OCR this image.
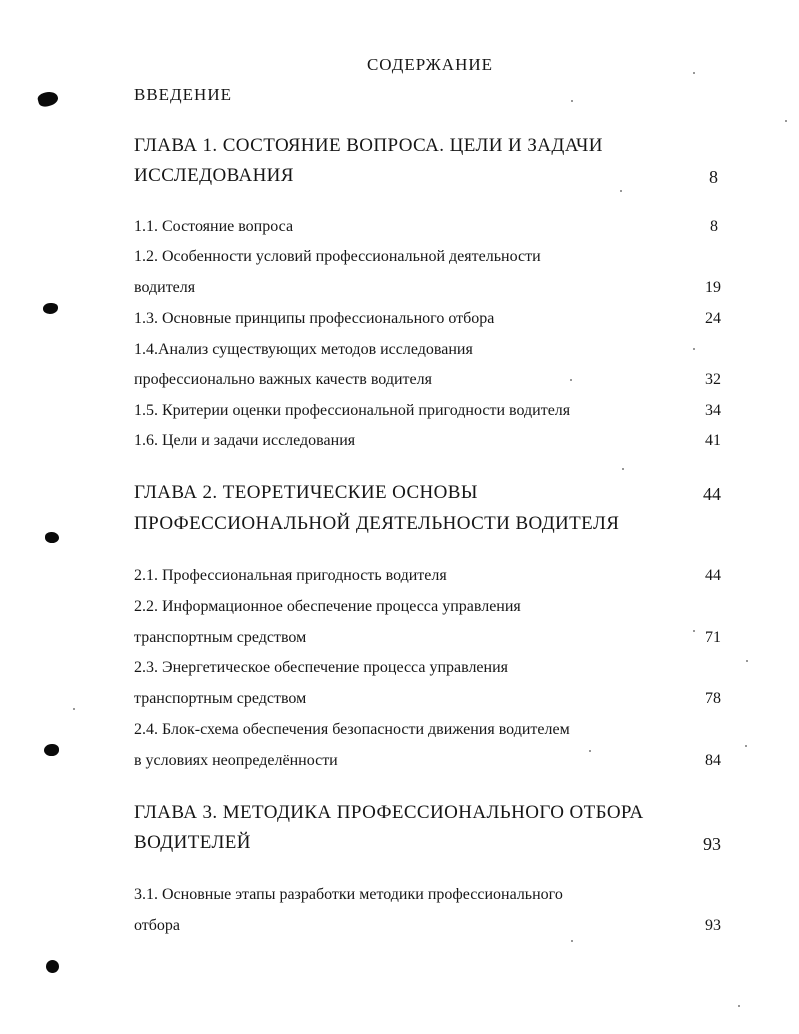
СОДЕРЖАНИЕ
ВВЕДЕНИЕ
ГЛАВА 1. СОСТОЯНИЕ ВОПРОСА. ЦЕЛИ И ЗАДАЧИ
ИССЛЕДОВАНИЯ	8
1.1. Состояние вопроса	8
1.2. Особенности условий профессиональной деятельности
водителя	19
1.3. Основные принципы профессионального отбора	24
1.4.Анализ существующих методов исследования
профессионально важных качеств водителя	32
1.5. Критерии оценки профессиональной пригодности водителя	34
1.6. Цели и задачи исследования	41
ГЛАВА 2. ТЕОРЕТИЧЕСКИЕ ОСНОВЫ	44
ПРОФЕССИОНАЛЬНОЙ ДЕЯТЕЛЬНОСТИ ВОДИТЕЛЯ
2.1. Профессиональная пригодность водителя	44
2.2. Информационное обеспечение процесса управления
транспортным средством	71
2.3. Энергетическое обеспечение процесса управления
транспортным средством	78
2.4. Блок-схема обеспечения безопасности движения водителем
в условиях неопределённости	84
ГЛАВА 3. МЕТОДИКА ПРОФЕССИОНАЛЬНОГО ОТБОРА
ВОДИТЕЛЕЙ	93
3.1. Основные этапы разработки методики профессионального
отбора	93
